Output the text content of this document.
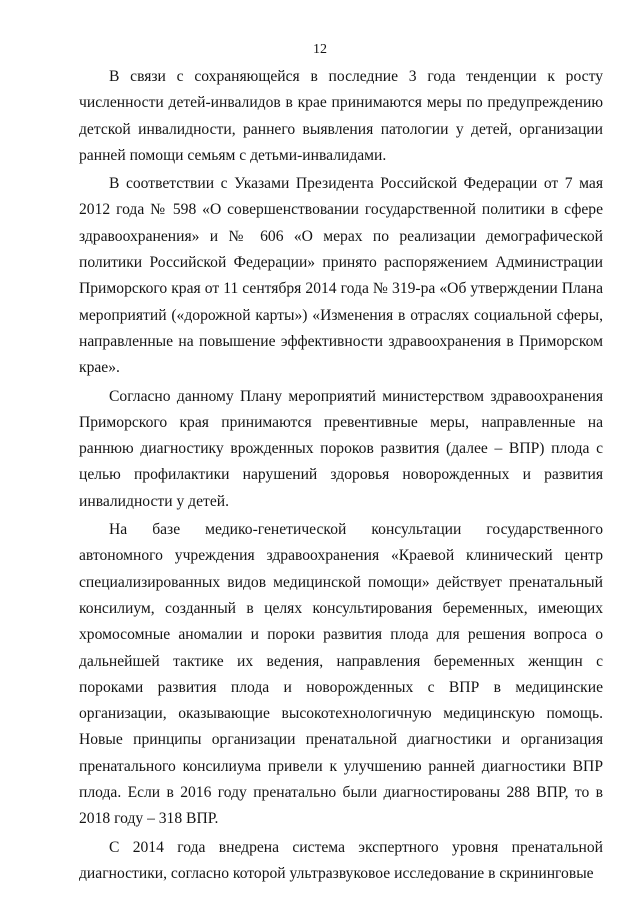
12

В связи с сохраняющейся в последние 3 года тенденции к росту численности детей-инвалидов в крае принимаются меры по предупреждению детской инвалидности, раннего выявления патологии у детей, организации ранней помощи семьям с детьми-инвалидами.

В соответствии с Указами Президента Российской Федерации от 7 мая 2012 года № 598 «О совершенствовании государственной политики в сфере здравоохранения» и № 606 «О мерах по реализации демографической политики Российской Федерации» принято распоряжением Администрации Приморского края от 11 сентября 2014 года № 319-ра «Об утверждении Плана мероприятий («дорожной карты») «Изменения в отраслях социальной сферы, направленные на повышение эффективности здравоохранения в Приморском крае».

Согласно данному Плану мероприятий министерством здравоохранения Приморского края принимаются превентивные меры, направленные на раннюю диагностику врожденных пороков развития (далее – ВПР) плода с целью профилактики нарушений здоровья новорожденных и развития инвалидности у детей.

На базе медико-генетической консультации государственного автономного учреждения здравоохранения «Краевой клинический центр специализированных видов медицинской помощи» действует пренатальный консилиум, созданный в целях консультирования беременных, имеющих хромосомные аномалии и пороки развития плода для решения вопроса о дальнейшей тактике их ведения, направления беременных женщин с пороками развития плода и новорожденных с ВПР в медицинские организации, оказывающие высокотехнологичную медицинскую помощь. Новые принципы организации пренатальной диагностики и организация пренатального консилиума привели к улучшению ранней диагностики ВПР плода. Если в 2016 году пренатально были диагностированы 288 ВПР, то в 2018 году – 318 ВПР.

С 2014 года внедрена система экспертного уровня пренатальной диагностики, согласно которой ультразвуковое исследование в скрининговые
